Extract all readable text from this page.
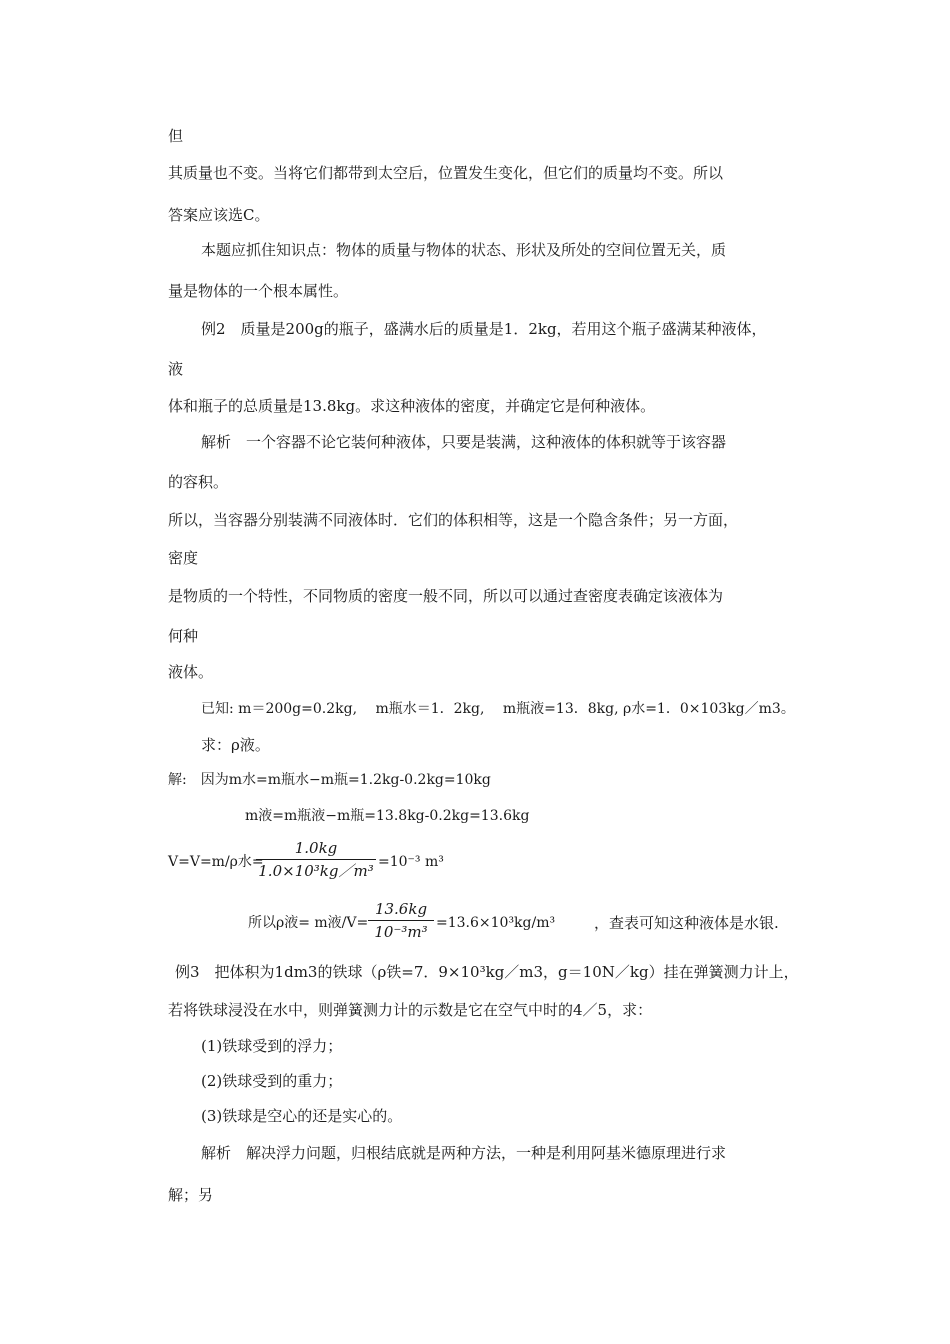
但
其质量也不变。当将它们都带到太空后，位置发生变化，但它们的质量均不变。所以
答案应该选C。
本题应抓住知识点：物体的质量与物体的状态、形状及所处的空间位置无关，质
量是物体的一个根本属性。
例2　质量是200g的瓶子，盛满水后的质量是1．2kg，若用这个瓶子盛满某种液体，
液
体和瓶子的总质量是13.8kg。求这种液体的密度，并确定它是何种液体。
解析　一个容器不论它装何种液体，只要是装满，这种液体的体积就等于该容器
的容积。
所以，当容器分别装满不同液体时．它们的体积相等，这是一个隐含条件；另一方面，
密度
是物质的一个特性，不同物质的密度一般不同，所以可以通过查密度表确定该液体为
何种
液体。
已知: m＝200g=0.2kg,　 m瓶水＝1．2kg,　 m瓶液=13．8kg, ρ水=1．0×103kg／m3。
求：ρ液。
解:　因为m水=m瓶水−m瓶=1.2kg-0.2kg=10kg
m液=m瓶液−m瓶=13.8kg-0.2kg=13.6kg
V=V=m/ρ水=
1.0kg
1.0×10³kg／m³ =10⁻³ m³
所以ρ液= m液/V=
13.6kg
10⁻³m³ =13.6×10³kg/m³	，查表可知这种液体是水银.
例3　把体积为1dm3的铁球（ρ铁=7．9×10³kg／m3，g＝10N／kg）挂在弹簧测力计上，
若将铁球浸没在水中，则弹簧测力计的示数是它在空气中时的4／5，求：
(1)铁球受到的浮力；
(2)铁球受到的重力；
(3)铁球是空心的还是实心的。
解析　解决浮力问题，归根结底就是两种方法，一种是利用阿基米德原理进行求
解；另
